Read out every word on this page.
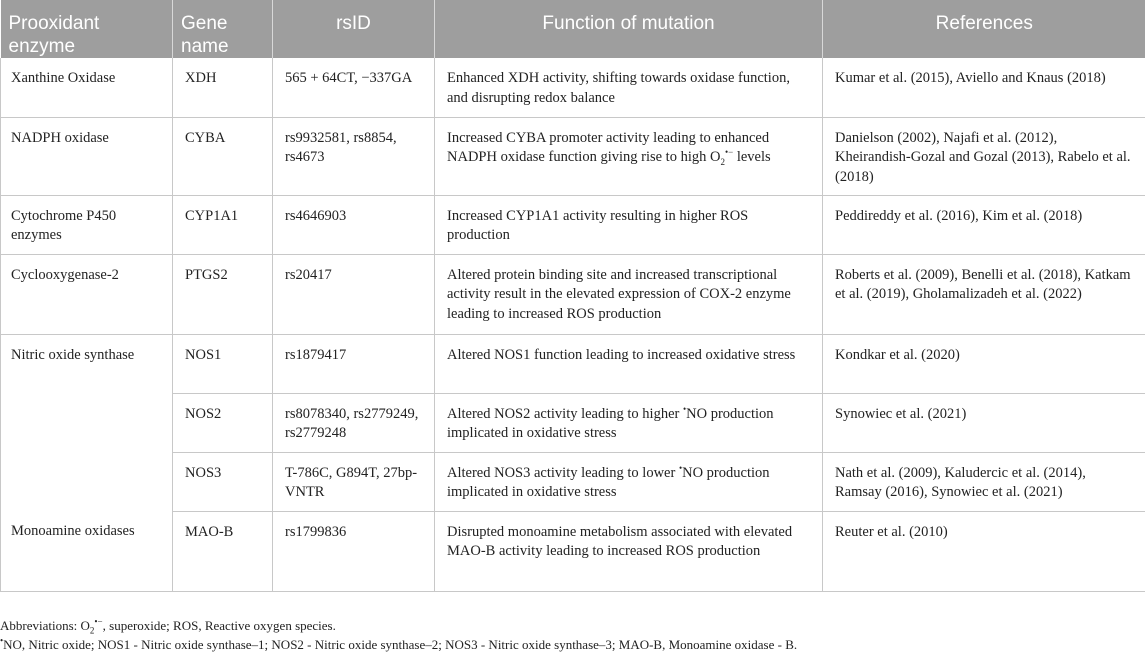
Prooxidant enzyme	Gene name	rsID	Function of mutation	References
Xanthine Oxidase	XDH	565 + 64CT, −337GA	Enhanced XDH activity, shifting towards oxidase function, and disrupting redox balance	Kumar et al. (2015), Aviello and Knaus (2018)
NADPH oxidase	CYBA	rs9932581, rs8854, rs4673	Increased CYBA promoter activity leading to enhanced NADPH oxidase function giving rise to high $O_2^{•-}$ levels	Danielson (2002), Najafi et al. (2012), Kheirandish-Gozal and Gozal (2013), Rabelo et al. (2018)
Cytochrome P450 enzymes	CYP1A1	rs4646903	Increased CYP1A1 activity resulting in higher ROS production	Peddireddy et al. (2016), Kim et al. (2018)
Cyclooxygenase-2	PTGS2	rs20417	Altered protein binding site and increased transcriptional activity result in the elevated expression of COX-2 enzyme leading to increased ROS production	Roberts et al. (2009), Benelli et al. (2018), Katkam et al. (2019), Gholamalizadeh et al. (2022)
Nitric oxide synthase	NOS1	rs1879417	Altered NOS1 function leading to increased oxidative stress	Kondkar et al. (2020)
	NOS2	rs8078340, rs2779249, rs2779248	Altered NOS2 activity leading to higher •NO production implicated in oxidative stress	Synowiec et al. (2021)
	NOS3	T-786C, G894T, 27bp-VNTR	Altered NOS3 activity leading to lower •NO production implicated in oxidative stress	Nath et al. (2009), Kaludercic et al. (2014), Ramsay (2016), Synowiec et al. (2021)
Monoamine oxidases	MAO-B	rs1799836	Disrupted monoamine metabolism associated with elevated MAO-B activity leading to increased ROS production	Reuter et al. (2010)
Abbreviations: $O_2^{•-}$, superoxide; ROS, Reactive oxygen species.
•NO, Nitric oxide; NOS1 - Nitric oxide synthase–1; NOS2 - Nitric oxide synthase–2; NOS3 - Nitric oxide synthase–3; MAO-B, Monoamine oxidase - B.
